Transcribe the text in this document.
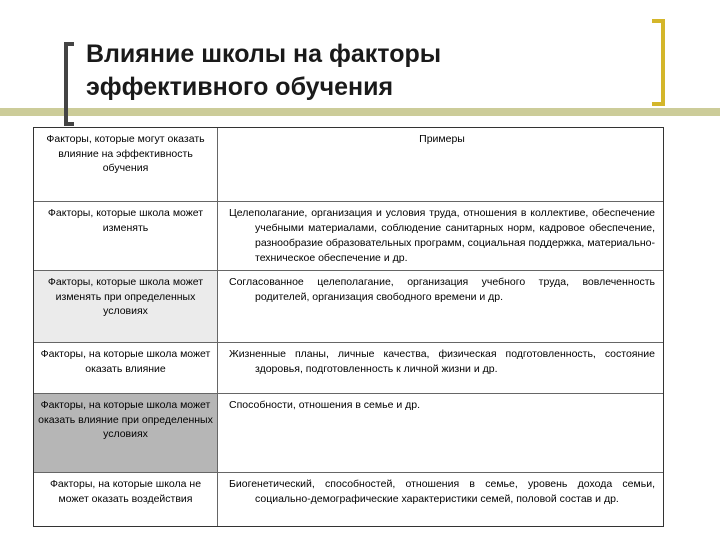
Влияние школы на факторы
эффективного обучения
Факторы, которые могут оказать влияние на эффективность обучения
Примеры
Факторы, которые школа может изменять
Целеполагание, организация и условия труда, отношения в коллективе, обеспечение учебными материалами, соблюдение санитарных норм, кадровое обеспечение, разнообразие образовательных программ, социальная поддержка, материально-техническое обеспечение и др.
Факторы, которые школа может изменять при определенных условиях
Согласованное целеполагание, организация учебного труда, вовлеченность родителей, организация свободного времени и др.
Факторы, на которые школа может оказать влияние
Жизненные планы, личные качества, физическая подготовленность, состояние здоровья, подготовленность к личной жизни и др.
Факторы, на которые школа может оказать влияние при определенных условиях
Способности, отношения в семье и др.
Факторы, на которые школа не может оказать воздействия
Биогенетический, способностей, отношения в семье, уровень дохода семьи, социально-демографические характеристики семей, половой состав и др.
